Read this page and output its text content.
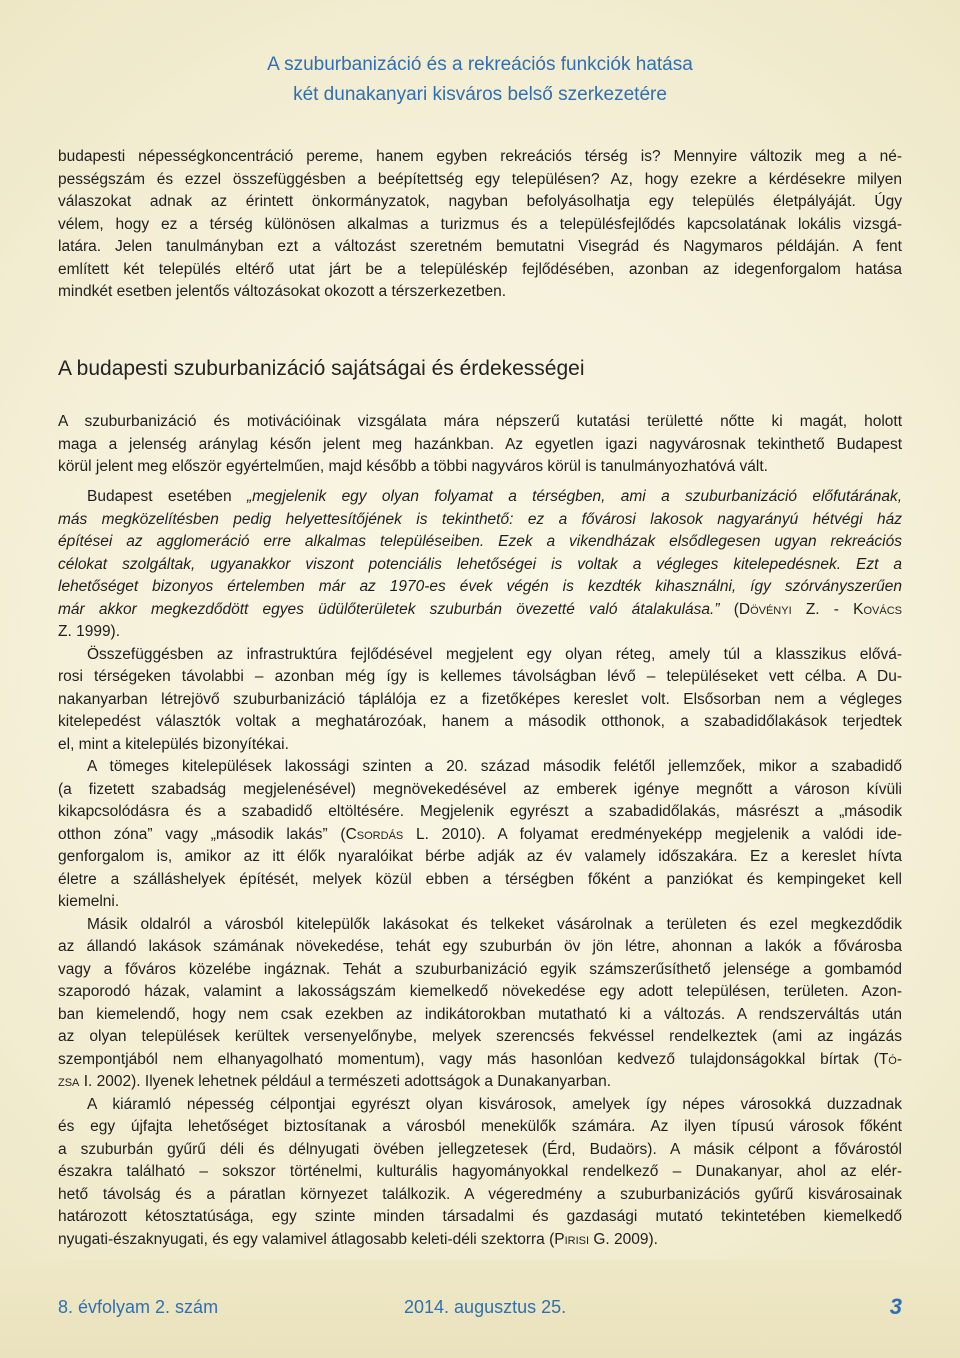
A szuburbanizáció és a rekreációs funkciók hatása
két dunakanyari kisváros belső szerkezetére
budapesti népességkoncentráció pereme, hanem egyben rekreációs térség is? Mennyire változik meg a né-
pességszám és ezzel összefüggésben a beépítettség egy településen? Az, hogy ezekre a kérdésekre milyen
válaszokat adnak az érintett önkormányzatok, nagyban befolyásolhatja egy település életpályáját. Úgy
vélem, hogy ez a térség különösen alkalmas a turizmus és a településfejlődés kapcsolatának lokális vizsgá-
latára. Jelen tanulmányban ezt a változást szeretném bemutatni Visegrád és Nagymaros példáján. A fent
említett két település eltérő utat járt be a településkép fejlődésében, azonban az idegenforgalom hatása
mindkét esetben jelentős változásokat okozott a térszerkezetben.
A budapesti szuburbanizáció sajátságai és érdekességei
A szuburbanizáció és motivációinak vizsgálata mára népszerű kutatási területté nőtte ki magát, holott
maga a jelenség aránylag későn jelent meg hazánkban. Az egyetlen igazi nagyvárosnak tekinthető Budapest
körül jelent meg először egyértelműen, majd később a többi nagyváros körül is tanulmányozhatóvá vált.
Budapest esetében „megjelenik egy olyan folyamat a térségben, ami a szuburbanizáció előfutárának,
más megközelítésben pedig helyettesítőjének is tekinthető: ez a fővárosi lakosok nagyarányú hétvégi ház
építései az agglomeráció erre alkalmas településeiben. Ezek a vikendházak elsődlegesen ugyan rekreációs
célokat szolgáltak, ugyanakkor viszont potenciális lehetőségei is voltak a végleges kitelepedésnek. Ezt a
lehetőséget bizonyos értelemben már az 1970-es évek végén is kezdték kihasználni, így szórványszerűen
már akkor megkezdődött egyes üdülőterületek szuburbán övezetté való átalakulása.” (Dövényi Z. - Kovács
Z. 1999).
Összefüggésben az infrastruktúra fejlődésével megjelent egy olyan réteg, amely túl a klasszikus elővá-
rosi térségeken távolabbi – azonban még így is kellemes távolságban lévő – településeket vett célba. A Du-
nakanyarban létrejövő szuburbanizáció táplálója ez a fizetőképes kereslet volt. Elsősorban nem a végleges
kitelepedést választók voltak a meghatározóak, hanem a második otthonok, a szabadidőlakások terjedtek
el, mint a kitelepülés bizonyítékai.
A tömeges kitelepülések lakossági szinten a 20. század második felétől jellemzőek, mikor a szabadidő
(a fizetett szabadság megjelenésével) megnövekedésével az emberek igénye megnőtt a városon kívüli
kikapcsolódásra és a szabadidő eltöltésére. Megjelenik egyrészt a szabadidőlakás, másrészt a „második
otthon zóna” vagy „második lakás” (Csordás L. 2010). A folyamat eredményeképp megjelenik a valódi ide-
genforgalom is, amikor az itt élők nyaralóikat bérbe adják az év valamely időszakára. Ez a kereslet hívta
életre a szálláshelyek építését, melyek közül ebben a térségben főként a panziókat és kempingeket kell
kiemelni.
Másik oldalról a városból kitelepülők lakásokat és telkeket vásárolnak a területen és ezel megkezdődik
az állandó lakások számának növekedése, tehát egy szuburbán öv jön létre, ahonnan a lakók a fővárosba
vagy a főváros közelébe ingáznak. Tehát a szuburbanizáció egyik számszerűsíthető jelensége a gombamód
szaporodó házak, valamint a lakosságszám kiemelkedő növekedése egy adott településen, területen. Azon-
ban kiemelendő, hogy nem csak ezekben az indikátorokban mutatható ki a változás. A rendszerváltás után
az olyan települések kerültek versenyelőnybe, melyek szerencsés fekvéssel rendelkeztek (ami az ingázás
szempontjából nem elhanyagolható momentum), vagy más hasonlóan kedvező tulajdonságokkal bírtak (Tó-
zsa I. 2002). Ilyenek lehetnek például a természeti adottságok a Dunakanyarban.
A kiáramló népesség célpontjai egyrészt olyan kisvárosok, amelyek így népes városokká duzzadnak
és egy újfajta lehetőséget biztosítanak a városból menekülők számára. Az ilyen típusú városok főként
a szuburbán gyűrű déli és délnyugati övében jellegzetesek (Érd, Budaörs). A másik célpont a fővárostól
északra található – sokszor történelmi, kulturális hagyományokkal rendelkező – Dunakanyar, ahol az elér-
hető távolság és a páratlan környezet találkozik. A végeredmény a szuburbanizációs gyűrű kisvárosainak
határozott kétosztatúsága, egy szinte minden társadalmi és gazdasági mutató tekintetében kiemelkedő
nyugati-északnyugati, és egy valamivel átlagosabb keleti-déli szektorra (Pirisi G. 2009).
8. évfolyam 2. szám	2014. augusztus 25.	3
